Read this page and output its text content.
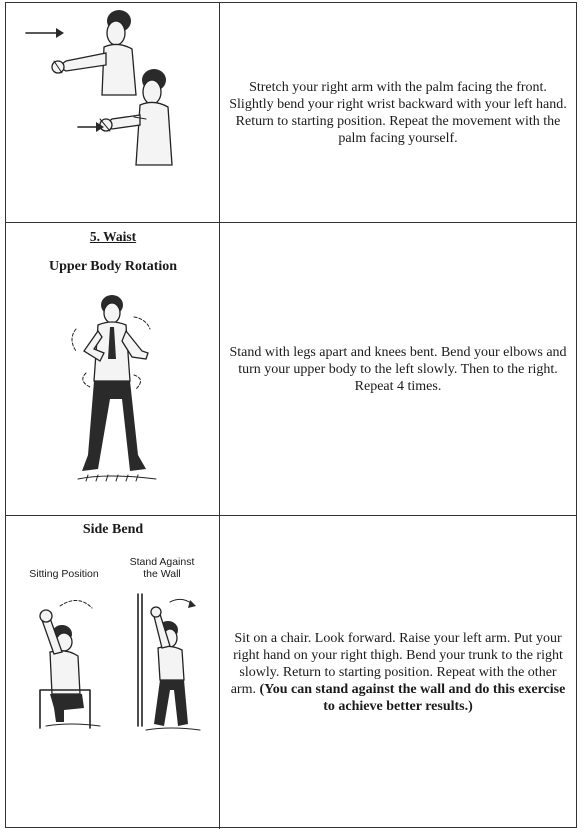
Stretch your right arm with the palm facing the front. Slightly bend your right wrist backward with your left hand. Return to starting position. Repeat the movement with the palm facing yourself.
5. Waist
Upper Body Rotation
Stand with legs apart and knees bent. Bend your elbows and turn your upper body to the left slowly. Then to the right. Repeat 4 times.
Side Bend
Sitting Position
Stand Against the Wall
Sit on a chair. Look forward. Raise your left arm. Put your right hand on your right thigh. Bend your trunk to the right slowly. Return to starting position. Repeat with the other arm. (You can stand against the wall and do this exercise to achieve better results.)
